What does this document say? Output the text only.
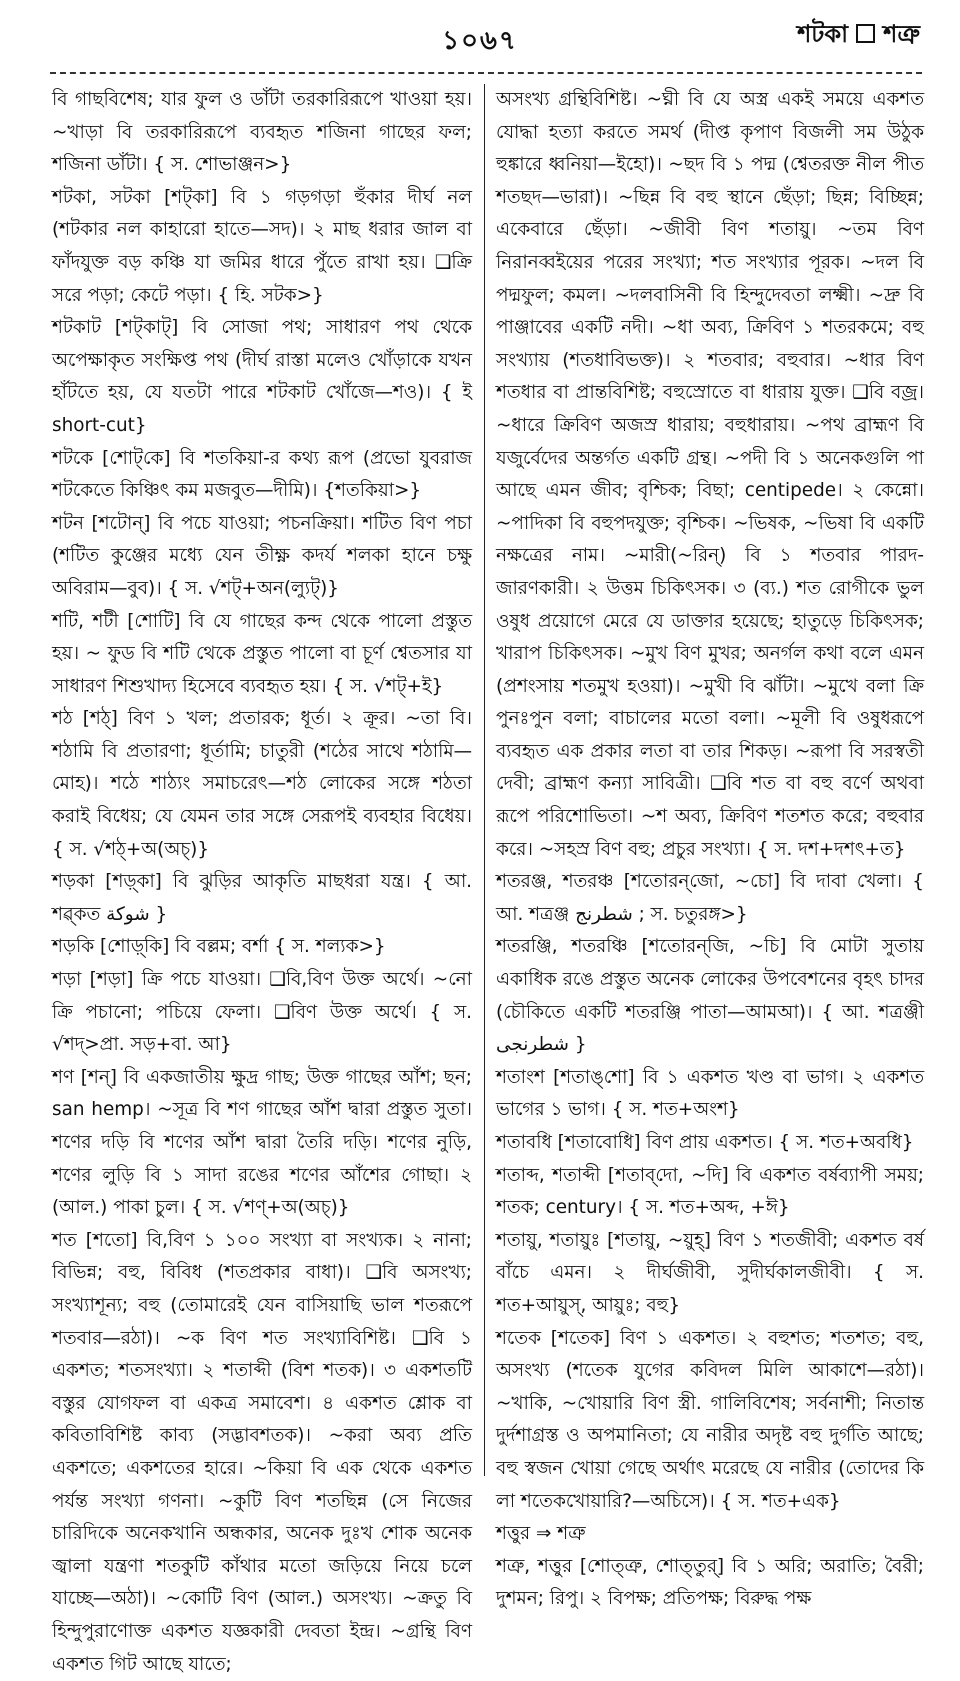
১০৬৭	শটকা শত্রু

বি গাছবিশেষ; যার ফুল ও ডাঁটা তরকারিরূপে খাওয়া হয়। ~খাড়া বি তরকারিরূপে ব্যবহৃত শজিনা গাছের ফল; শজিনা ডাঁটা। { স. শোভাঞ্জন>}

শটকা, সটকা [শট্‌কা] বি ১ গড়গড়া হুঁকার দীর্ঘ নল (শটকার নল কাহারো হাতে—সদ)। ২ মাছ ধরার জাল বা ফাঁদযুক্ত বড় কঞ্চি যা জমির ধারে পুঁতে রাখা হয়। ❑ক্রি সরে পড়া; কেটে পড়া। { হি. সটক>}

শটকাট [শট্‌কাট্‌] বি সোজা পথ; সাধারণ পথ থেকে অপেক্ষাকৃত সংক্ষিপ্ত পথ (দীর্ঘ রাস্তা মলেও খোঁড়াকে যখন হাঁটতে হয়, যে যতটা পারে শটকাট খোঁজে—শও)। { ই short-cut}

শটকে [শোট্‌কে] বি শতকিয়া-র কথ্য রূপ (প্রভো যুবরাজ শটকেতে কিঞ্চিৎ কম মজবুত—দীমি)। {শতকিয়া>}

শটন [শটোন্‌] বি পচে যাওয়া; পচনক্রিয়া। শটিত বিণ পচা (শটিত কুঞ্জের মধ্যে যেন তীক্ষ্ণ কদর্য শলকা হানে চক্ষু অবিরাম—বুব)। { স. √শট্‌+অন(ল্যুট্‌)}

শটি, শটী [শোটি] বি যে গাছের কন্দ থেকে পালো প্রস্তুত হয়। ~ ফুড বি শটি থেকে প্রস্তুত পালো বা চূর্ণ শ্বেতসার যা সাধারণ শিশুখাদ্য হিসেবে ব্যবহৃত হয়। { স. √শট্‌+ই}

শঠ [শঠ্‌] বিণ ১ খল; প্রতারক; ধূর্ত। ২ ক্রূর। ~তা বি। শঠামি বি প্রতারণা; ধূর্তামি; চাতুরী (শঠের সাথে শঠামি—মোহ)। শঠে শাঠ্যং সমাচরেৎ—শঠ লোকের সঙ্গে শঠতা করাই বিধেয়; যে যেমন তার সঙ্গে সেরূপই ব্যবহার বিধেয়। { স. √শঠ্‌+অ(অচ্‌)}

শড়কা [শড়্‌কা] বি ঝুড়ির আকৃতি মাছধরা যন্ত্র। { আ. শৱ্কত شوكة }

শড়কি [শোড়্‌কি] বি বল্লম; বর্শা { স. শল্যক>}

শড়া [শড়া] ক্রি পচে যাওয়া। ❑বি,বিণ উক্ত অর্থে। ~নো ক্রি পচানো; পচিয়ে ফেলা। ❑বিণ উক্ত অর্থে। { স. √শদ্‌>প্রা. সড়+বা. আ}

শণ [শন্‌] বি একজাতীয় ক্ষুদ্র গাছ; উক্ত গাছের আঁশ; ছন; san hemp। ~সূত্র বি শণ গাছের আঁশ দ্বারা প্রস্তুত সুতা। শণের দড়ি বি শণের আঁশ দ্বারা তৈরি দড়ি। শণের নুড়ি, শণের লুড়ি বি ১ সাদা রঙের শণের আঁশের গোছা। ২ (আল.) পাকা চুল। { স. √শণ্‌+অ(অচ্‌)}

শত [শতো] বি,বিণ ১ ১০০ সংখ্যা বা সংখ্যক। ২ নানা; বিভিন্ন; বহু, বিবিধ (শতপ্রকার বাধা)। ❑বি অসংখ্য; সংখ্যাশূন্য; বহু (তোমারেই যেন বাসিয়াছি ভাল শতরূপে শতবার—রঠা)। ~ক বিণ শত সংখ্যাবিশিষ্ট। ❑বি ১ একশত; শতসংখ্যা। ২ শতাব্দী (বিশ শতক)। ৩ একশতটি বস্তুর যোগফল বা একত্র সমাবেশ। ৪ একশত শ্লোক বা কবিতাবিশিষ্ট কাব্য (সদ্ভাবশতক)। ~করা অব্য প্রতি একশতে; একশতের হারে। ~কিয়া বি এক থেকে একশত পর্যন্ত সংখ্যা গণনা। ~কুটি বিণ শতছিন্ন (সে নিজের চারিদিকে অনেকখানি অন্ধকার, অনেক দুঃখ শোক অনেক জ্বালা যন্ত্রণা শতকুটি কাঁথার মতো জড়িয়ে নিয়ে চলে যাচ্ছে—অঠা)। ~কোটি বিণ (আল.) অসংখ্য। ~ক্রতু বি হিন্দুপুরাণোক্ত একশত যজ্ঞকারী দেবতা ইন্দ্র। ~গ্রন্থি বিণ একশত গিট আছে যাতে;

অসংখ্য গ্রন্থিবিশিষ্ট। ~ঘ্নী বি যে অস্ত্র একই সময়ে একশত যোদ্ধা হত্যা করতে সমর্থ (দীপ্ত কৃপাণ বিজলী সম উঠুক হুঙ্কারে ধ্বনিয়া—ইহো)। ~ছদ বি ১ পদ্ম (শ্বেতরক্ত নীল পীত শতছদ—ভারা)। ~ছিন্ন বি বহু স্থানে ছেঁড়া; ছিন্ন; বিচ্ছিন্ন; একেবারে ছেঁড়া। ~জীবী বিণ শতায়ু। ~তম বিণ নিরানব্বইয়ের পরের সংখ্যা; শত সংখ্যার পূরক। ~দল বি পদ্মফুল; কমল। ~দলবাসিনী বি হিন্দুদেবতা লক্ষ্মী। ~দ্রু বি পাঞ্জাবের একটি নদী। ~ধা অব্য, ক্রিবিণ ১ শতরকমে; বহু সংখ্যায় (শতধাবিভক্ত)। ২ শতবার; বহুবার। ~ধার বিণ শতধার বা প্রান্তবিশিষ্ট; বহুস্রোতে বা ধারায় যুক্ত। ❑বি বজ্র। ~ধারে ক্রিবিণ অজস্র ধারায়; বহুধারায়। ~পথ ব্রাহ্মণ বি যজুর্বেদের অন্তর্গত একটি গ্রন্থ। ~পদী বি ১ অনেকগুলি পা আছে এমন জীব; বৃশ্চিক; বিছা; centipede। ২ কেন্নো। ~পাদিকা বি বহুপদযুক্ত; বৃশ্চিক। ~ভিষক, ~ভিষা বি একটি নক্ষত্রের নাম। ~মারী(~রিন্‌) বি ১ শতবার পারদ-জারণকারী। ২ উত্তম চিকিৎসক। ৩ (ব্য.) শত রোগীকে ভুল ওষুধ প্রয়োগে মেরে যে ডাক্তার হয়েছে; হাতুড়ে চিকিৎসক; খারাপ চিকিৎসক। ~মুখ বিণ মুখর; অনর্গল কথা বলে এমন (প্রশংসায় শতমুখ হওয়া)। ~মুখী বি ঝাঁটা। ~মুখে বলা ক্রি পুনঃপুন বলা; বাচালের মতো বলা। ~মূলী বি ওষুধরূপে ব্যবহৃত এক প্রকার লতা বা তার শিকড়। ~রূপা বি সরস্বতী দেবী; ব্রাহ্মণ কন্যা সাবিত্রী। ❑বি শত বা বহু বর্ণে অথবা রূপে পরিশোভিতা। ~শ অব্য, ক্রিবিণ শতশত করে; বহুবার করে। ~সহস্র বিণ বহু; প্রচুর সংখ্যা। { স. দশ+দশৎ+ত}

শতরঞ্জ, শতরঞ্চ [শতোরন্‌জো, ~চো] বি দাবা খেলা। { আ. শত্রঞ্জ شطرنج ; স. চতুরঙ্গ>}

শতরঞ্জি, শতরঞ্চি [শতোরন্‌জি, ~চি] বি মোটা সুতায় একাধিক রঙে প্রস্তুত অনেক লোকের উপবেশনের বৃহৎ চাদর (চৌকিতে একটি শতরঞ্জি পাতা—আমআ)। { আ. শত্রঞ্জী شطرنجى }

শতাংশ [শতাঙ্‌শো] বি ১ একশত খণ্ড বা ভাগ। ২ একশত ভাগের ১ ভাগ। { স. শত+অংশ}

শতাবধি [শতাবোধি] বিণ প্রায় একশত। { স. শত+অবধি}

শতাব্দ, শতাব্দী [শতাব্‌দো, ~দি] বি একশত বর্ষব্যাপী সময়; শতক; century। { স. শত+অব্দ, +ঈ}

শতায়ু, শতায়ুঃ [শতায়ু, ~য়ুহ্‌] বিণ ১ শতজীবী; একশত বর্ষ বাঁচে এমন। ২ দীর্ঘজীবী, সুদীর্ঘকালজীবী। { স. শত+আয়ুস্‌, আয়ুঃ; বহু}

শতেক [শতেক] বিণ ১ একশত। ২ বহুশত; শতশত; বহু, অসংখ্য (শতেক যুগের কবিদল মিলি আকাশে—রঠা)। ~খাকি, ~খোয়ারি বিণ স্ত্রী. গালিবিশেষ; সর্বনাশী; নিতান্ত দুর্দশাগ্রস্ত ও অপমানিতা; যে নারীর অদৃষ্ট বহু দুর্গতি আছে; বহু স্বজন খোয়া গেছে অর্থাৎ মরেছে যে নারীর (তোদের কি লা শতেকখোয়ারি?—অচিসে)। { স. শত+এক}

শত্তুর ⇒ শত্রু

শত্রু, শত্তুর [শোত্‌ত্রু, শোত্‌তুর্‌] বি ১ অরি; অরাতি; বৈরী; দুশমন; রিপু। ২ বিপক্ষ; প্রতিপক্ষ; বিরুদ্ধ পক্ষ
